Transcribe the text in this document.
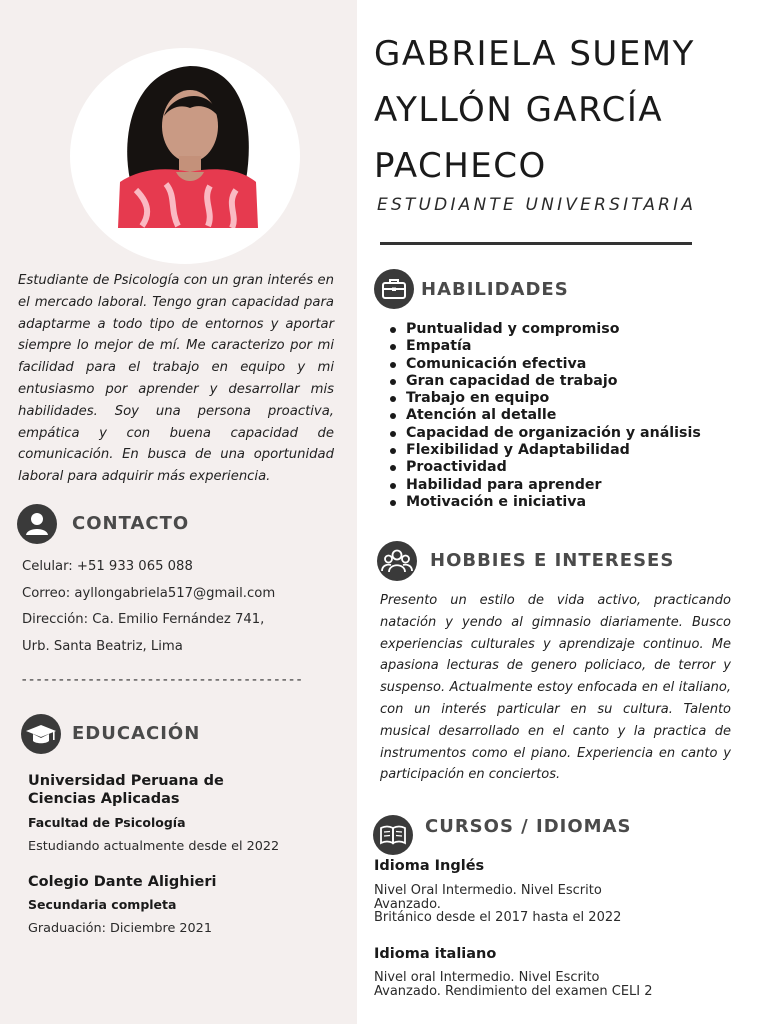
Estudiante de Psicología con un gran interés en el mercado laboral. Tengo gran capacidad para adaptarme a todo tipo de entornos y aportar siempre lo mejor de mí. Me caracterizo por mi facilidad para el trabajo en equipo y mi entusiasmo por aprender y desarrollar mis habilidades. Soy una persona proactiva, empática y con buena capacidad de comunicación. En busca de una oportunidad laboral para adquirir más experiencia.

CONTACTO
Celular: +51 933 065 088
Correo: ayllongabriela517@gmail.com
Dirección: Ca. Emilio Fernández 741,
Urb. Santa Beatriz, Lima
--------------------------------------
EDUCACIÓN
Universidad Peruana de
Ciencias Aplicadas
Facultad de Psicología
Estudiando actualmente desde el 2022
Colegio Dante Alighieri
Secundaria completa
Graduación: Diciembre 2021
GABRIELA SUEMY
AYLLÓN GARCÍA
PACHECO
ESTUDIANTE UNIVERSITARIA
HABILIDADES
Puntualidad y compromiso
Empatía
Comunicación efectiva
Gran capacidad de trabajo
Trabajo en equipo
Atención al detalle
Capacidad de organización y análisis
Flexibilidad y Adaptabilidad
Proactividad
Habilidad para aprender
Motivación e iniciativa
HOBBIES E INTERESES

Presento un estilo de vida activo, practicando natación y yendo al gimnasio diariamente. Busco experiencias culturales y aprendizaje continuo. Me apasiona lecturas de genero policiaco, de terror y suspenso. Actualmente estoy enfocada en el italiano, con un interés particular en su cultura. Talento musical desarrollado en el canto y la practica de instrumentos como el piano. Experiencia en canto y participación en conciertos.

CURSOS / IDIOMAS
Idioma Inglés
Nivel Oral Intermedio. Nivel Escrito
Avanzado.
Británico desde el 2017 hasta el 2022
Idioma italiano
Nivel oral Intermedio. Nivel Escrito
Avanzado. Rendimiento del examen CELI 2
